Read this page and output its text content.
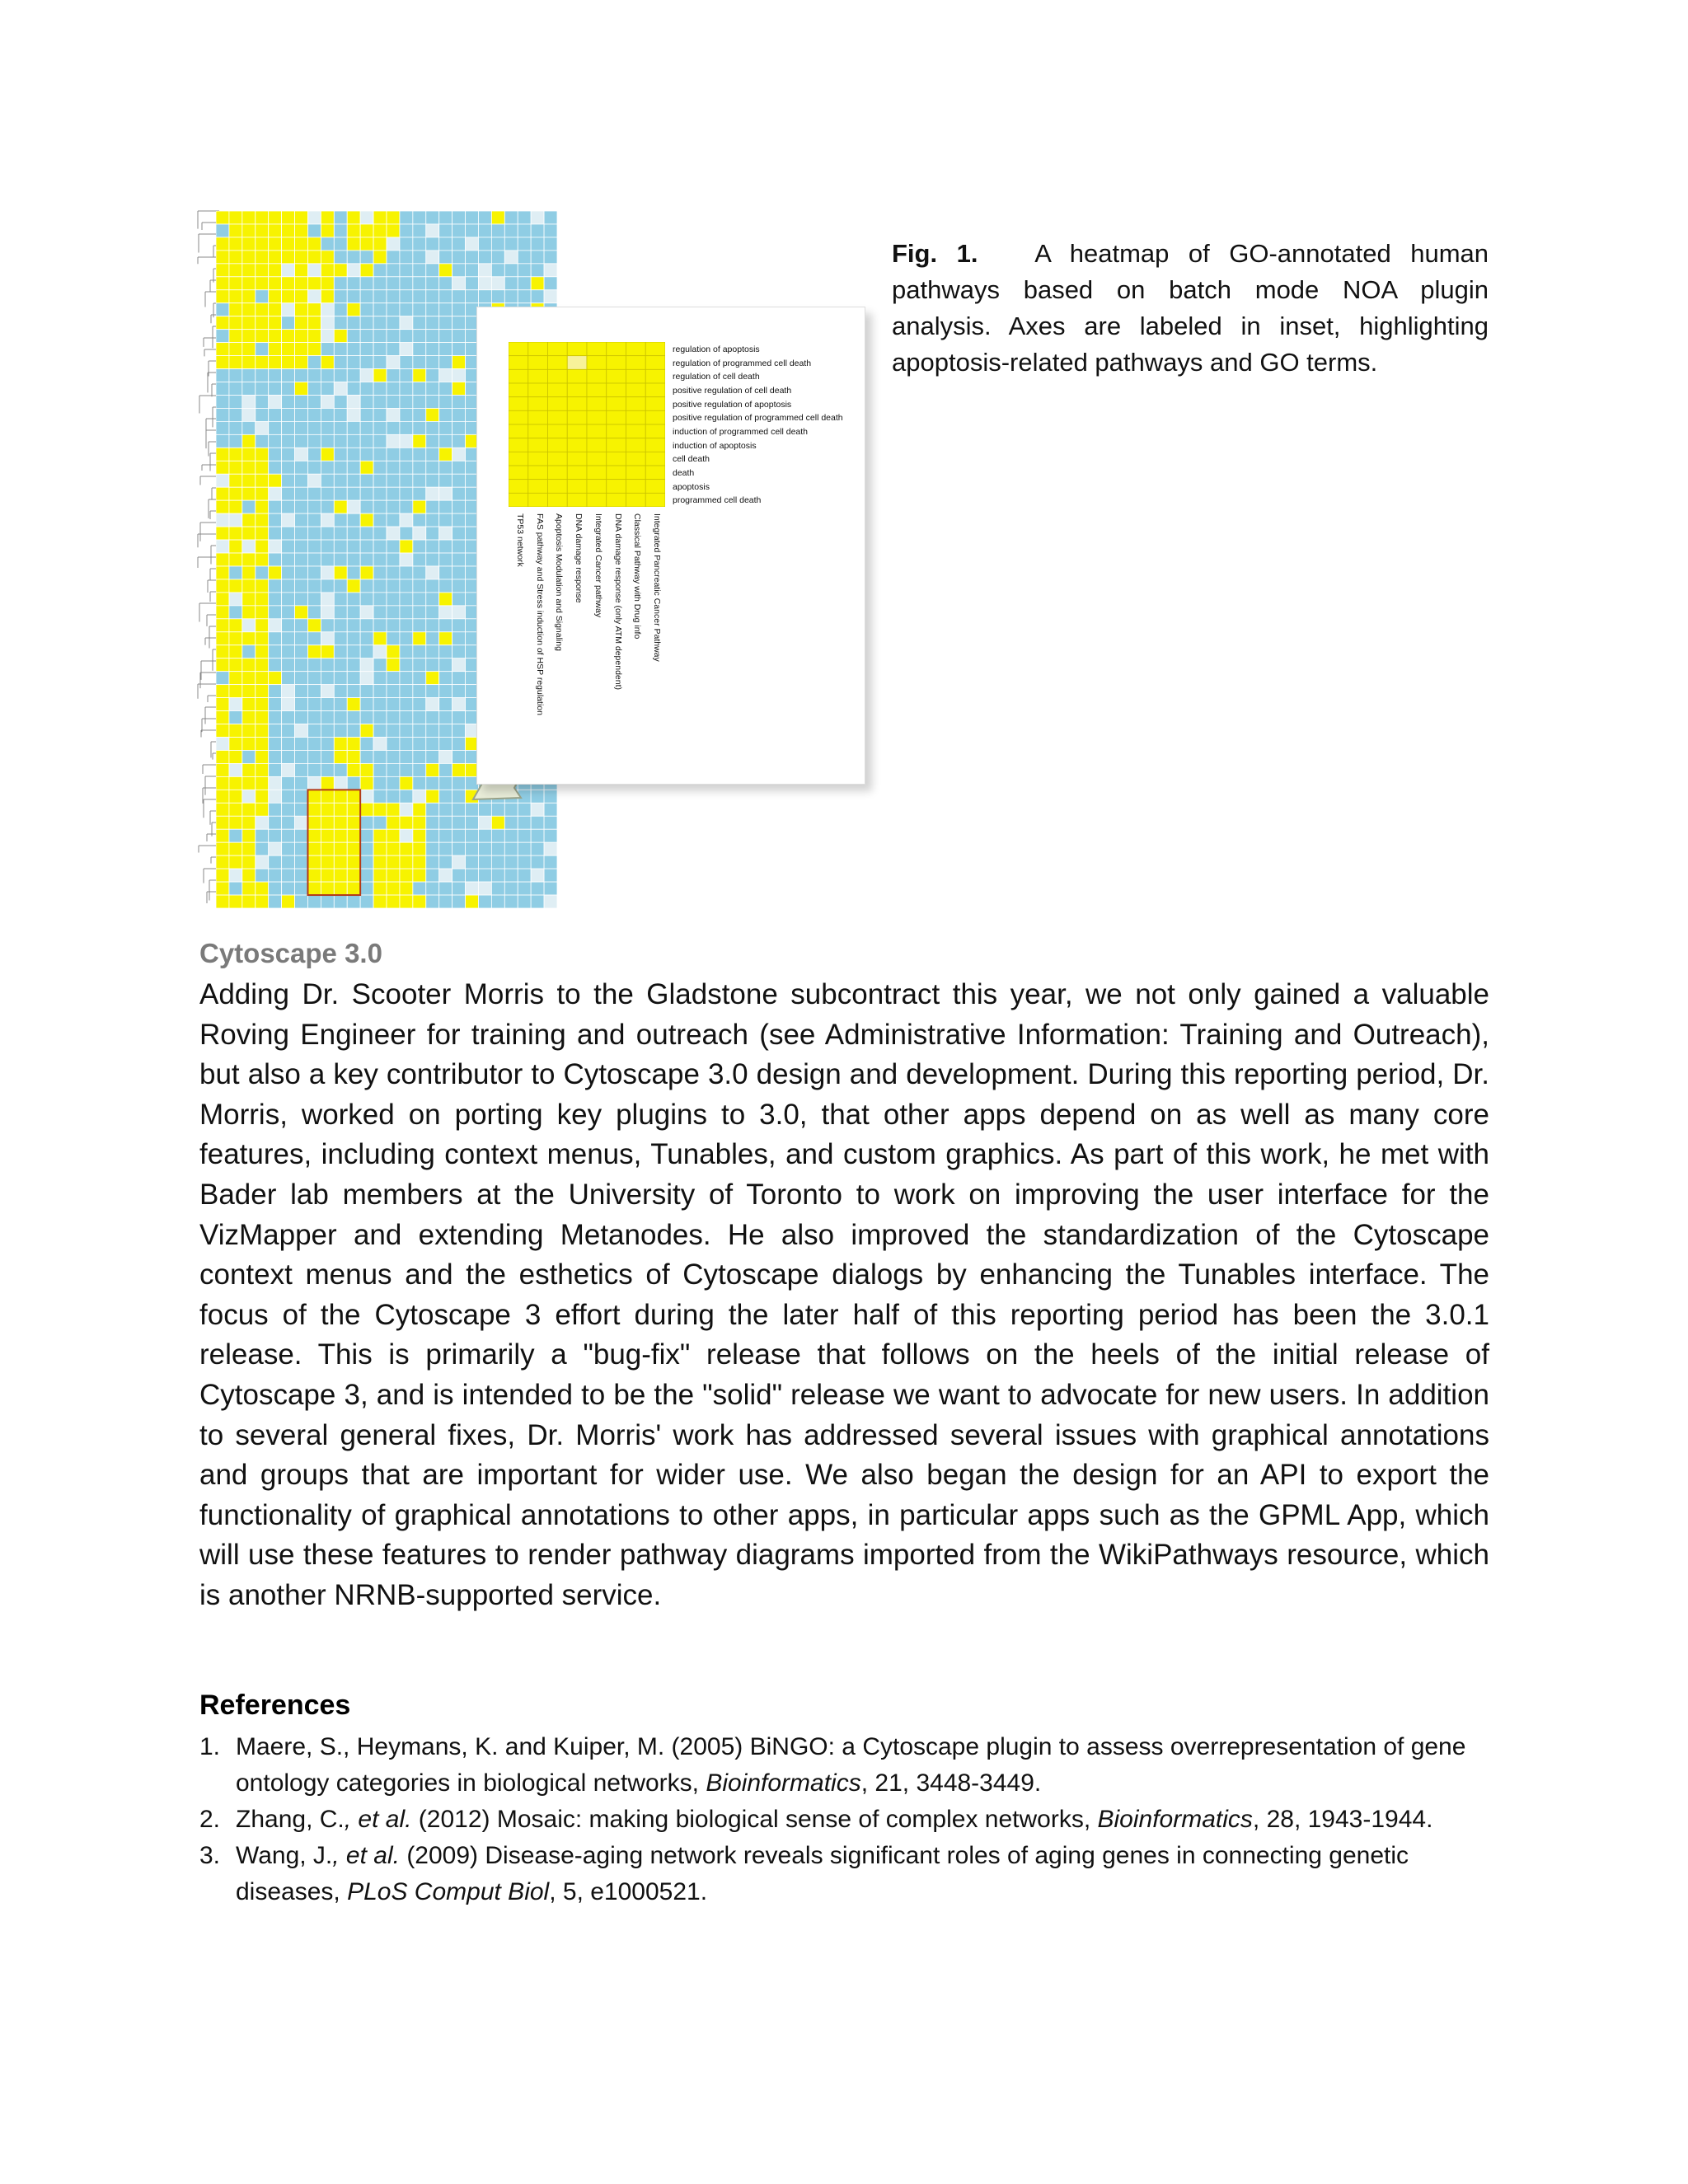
regulation of apoptosis
regulation of programmed cell death
regulation of cell death
positive regulation of cell death
positive regulation of apoptosis
positive regulation of programmed cell death
induction of programmed cell death
induction of apoptosis
cell death
death
apoptosis
programmed cell death
TP53 network FAS pathway and Stress induction of HSP regulation Apoptosis Modulation and Signaling DNA damage response Integrated Cancer pathway DNA damage response (only ATM dependent) Classical Pathway with Drug info Integrated Pancreatic Cancer Pathway
Fig. 1. A heatmap of GO-annotated human pathways based on batch mode NOA plugin analysis. Axes are labeled in inset, highlighting apoptosis-related pathways and GO terms.
Cytoscape 3.0
Adding Dr. Scooter Morris to the Gladstone subcontract this year, we not only gained a valuable Roving Engineer for training and outreach (see Administrative Information: Training and Outreach), but also a key contributor to Cytoscape 3.0 design and development. During this reporting period, Dr. Morris, worked on porting key plugins to 3.0, that other apps depend on as well as many core features, including context menus, Tunables, and custom graphics. As part of this work, he met with Bader lab members at the University of Toronto to work on improving the user interface for the VizMapper and extending Metanodes. He also improved the standardization of the Cytoscape context menus and the esthetics of Cytoscape dialogs by enhancing the Tunables interface. The focus of the Cytoscape 3 effort during the later half of this reporting period has been the 3.0.1 release. This is primarily a "bug-fix" release that follows on the heels of the initial release of Cytoscape 3, and is intended to be the "solid" release we want to advocate for new users. In addition to several general fixes, Dr. Morris' work has addressed several issues with graphical annotations and groups that are important for wider use. We also began the design for an API to export the functionality of graphical annotations to other apps, in particular apps such as the GPML App, which will use these features to render pathway diagrams imported from the WikiPathways resource, which is another NRNB-supported service.
References
1. Maere, S., Heymans, K. and Kuiper, M. (2005) BiNGO: a Cytoscape plugin to assess overrepresentation of gene ontology categories in biological networks, Bioinformatics, 21, 3448-3449.
2. Zhang, C., et al. (2012) Mosaic: making biological sense of complex networks, Bioinformatics, 28, 1943-1944.
3. Wang, J., et al. (2009) Disease-aging network reveals significant roles of aging genes in connecting genetic diseases, PLoS Comput Biol, 5, e1000521.
